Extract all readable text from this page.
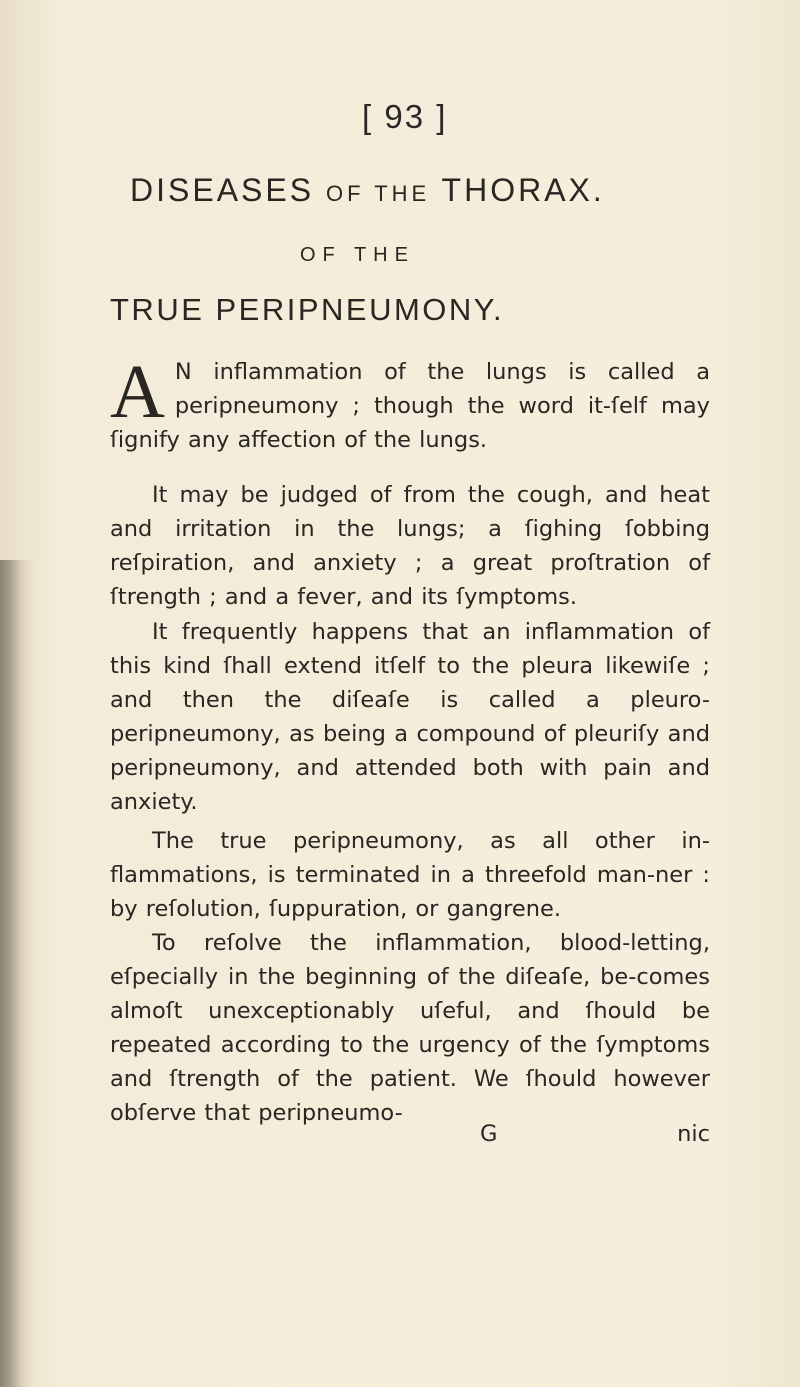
[ 93 ]
DISEASES OF THE THORAX.
OF THE
TRUE PERIPNEUMONY.
A N inflammation of the lungs is called a peripneumony ; though the word it-ſelf may ſignify any affection of the lungs.
It may be judged of from the cough, and heat and irritation in the lungs; a ſighing ſobbing reſpiration, and anxiety ; a great proſtration of ſtrength ; and a fever, and its ſymptoms.
It frequently happens that an inflammation of this kind ſhall extend itſelf to the pleura likewiſe ; and then the diſeaſe is called a pleuro-peripneumony, as being a compound of pleuriſy and peripneumony, and attended both with pain and anxiety.
The true peripneumony, as all other in-flammations, is terminated in a threefold man-ner : by reſolution, ſuppuration, or gangrene.
To reſolve the inflammation, blood-letting, eſpecially in the beginning of the diſeaſe, be-comes almoſt unexceptionably uſeful, and ſhould be repeated according to the urgency of the ſymptoms and ſtrength of the patient. We ſhould however obſerve that peripneumo-
G	nic
